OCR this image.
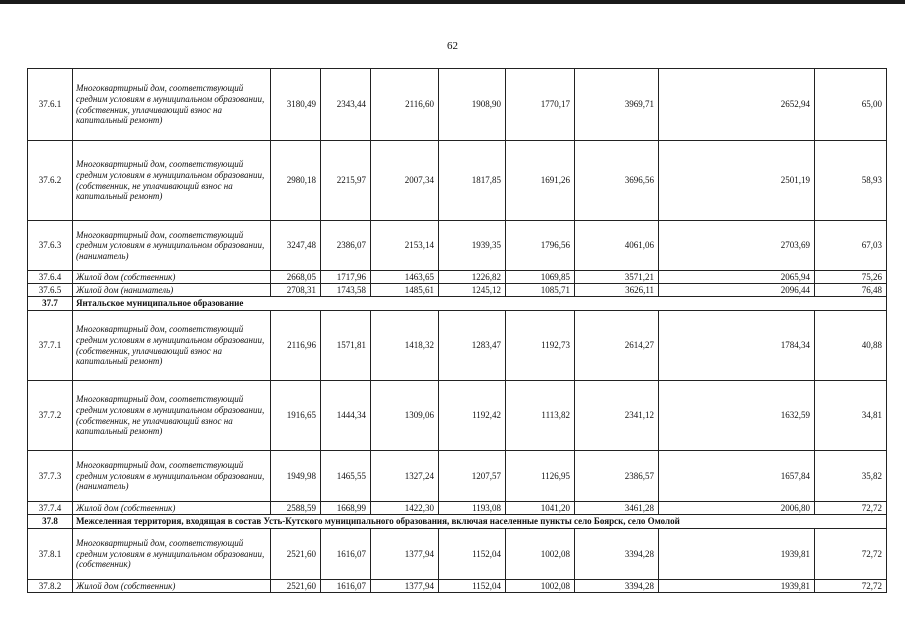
62
37.6.1	Многоквартирный дом, соответствующий средним условиям в муниципальном образовании, (собственник, уплачивающий взнос на капитальный ремонт)	3180,49	2343,44	2116,60	1908,90	1770,17	3969,71	2652,94	65,00
37.6.2	Многоквартирный дом, соответствующий средним условиям в муниципальном образовании, (собственник, не уплачивающий взнос на капитальный ремонт)	2980,18	2215,97	2007,34	1817,85	1691,26	3696,56	2501,19	58,93
37.6.3	Многоквартирный дом, соответствующий средним условиям в муниципальном образовании, (наниматель)	3247,48	2386,07	2153,14	1939,35	1796,56	4061,06	2703,69	67,03
37.6.4	Жилой дом (собственник)	2668,05	1717,96	1463,65	1226,82	1069,85	3571,21	2065,94	75,26
37.6.5	Жилой дом (наниматель)	2708,31	1743,58	1485,61	1245,12	1085,71	3626,11	2096,44	76,48
37.7	Янтальское муниципальное образование								
37.7.1	Многоквартирный дом, соответствующий средним условиям в муниципальном образовании, (собственник, уплачивающий взнос на капитальный ремонт)	2116,96	1571,81	1418,32	1283,47	1192,73	2614,27	1784,34	40,88
37.7.2	Многоквартирный дом, соответствующий средним условиям в муниципальном образовании, (собственник, не уплачивающий взнос на капитальный ремонт)	1916,65	1444,34	1309,06	1192,42	1113,82	2341,12	1632,59	34,81
37.7.3	Многоквартирный дом, соответствующий средним условиям в муниципальном образовании, (наниматель)	1949,98	1465,55	1327,24	1207,57	1126,95	2386,57	1657,84	35,82
37.7.4	Жилой дом (собственник)	2588,59	1668,99	1422,30	1193,08	1041,20	3461,28	2006,80	72,72
37.8	Межселенная территория, входящая в состав Усть-Кутского муниципального образования, включая населенные пункты село Боярск, село Омолой								
37.8.1	Многоквартирный дом, соответствующий средним условиям в муниципальном образовании, (собственник)	2521,60	1616,07	1377,94	1152,04	1002,08	3394,28	1939,81	72,72
37.8.2	Жилой дом (собственник)	2521,60	1616,07	1377,94	1152,04	1002,08	3394,28	1939,81	72,72
